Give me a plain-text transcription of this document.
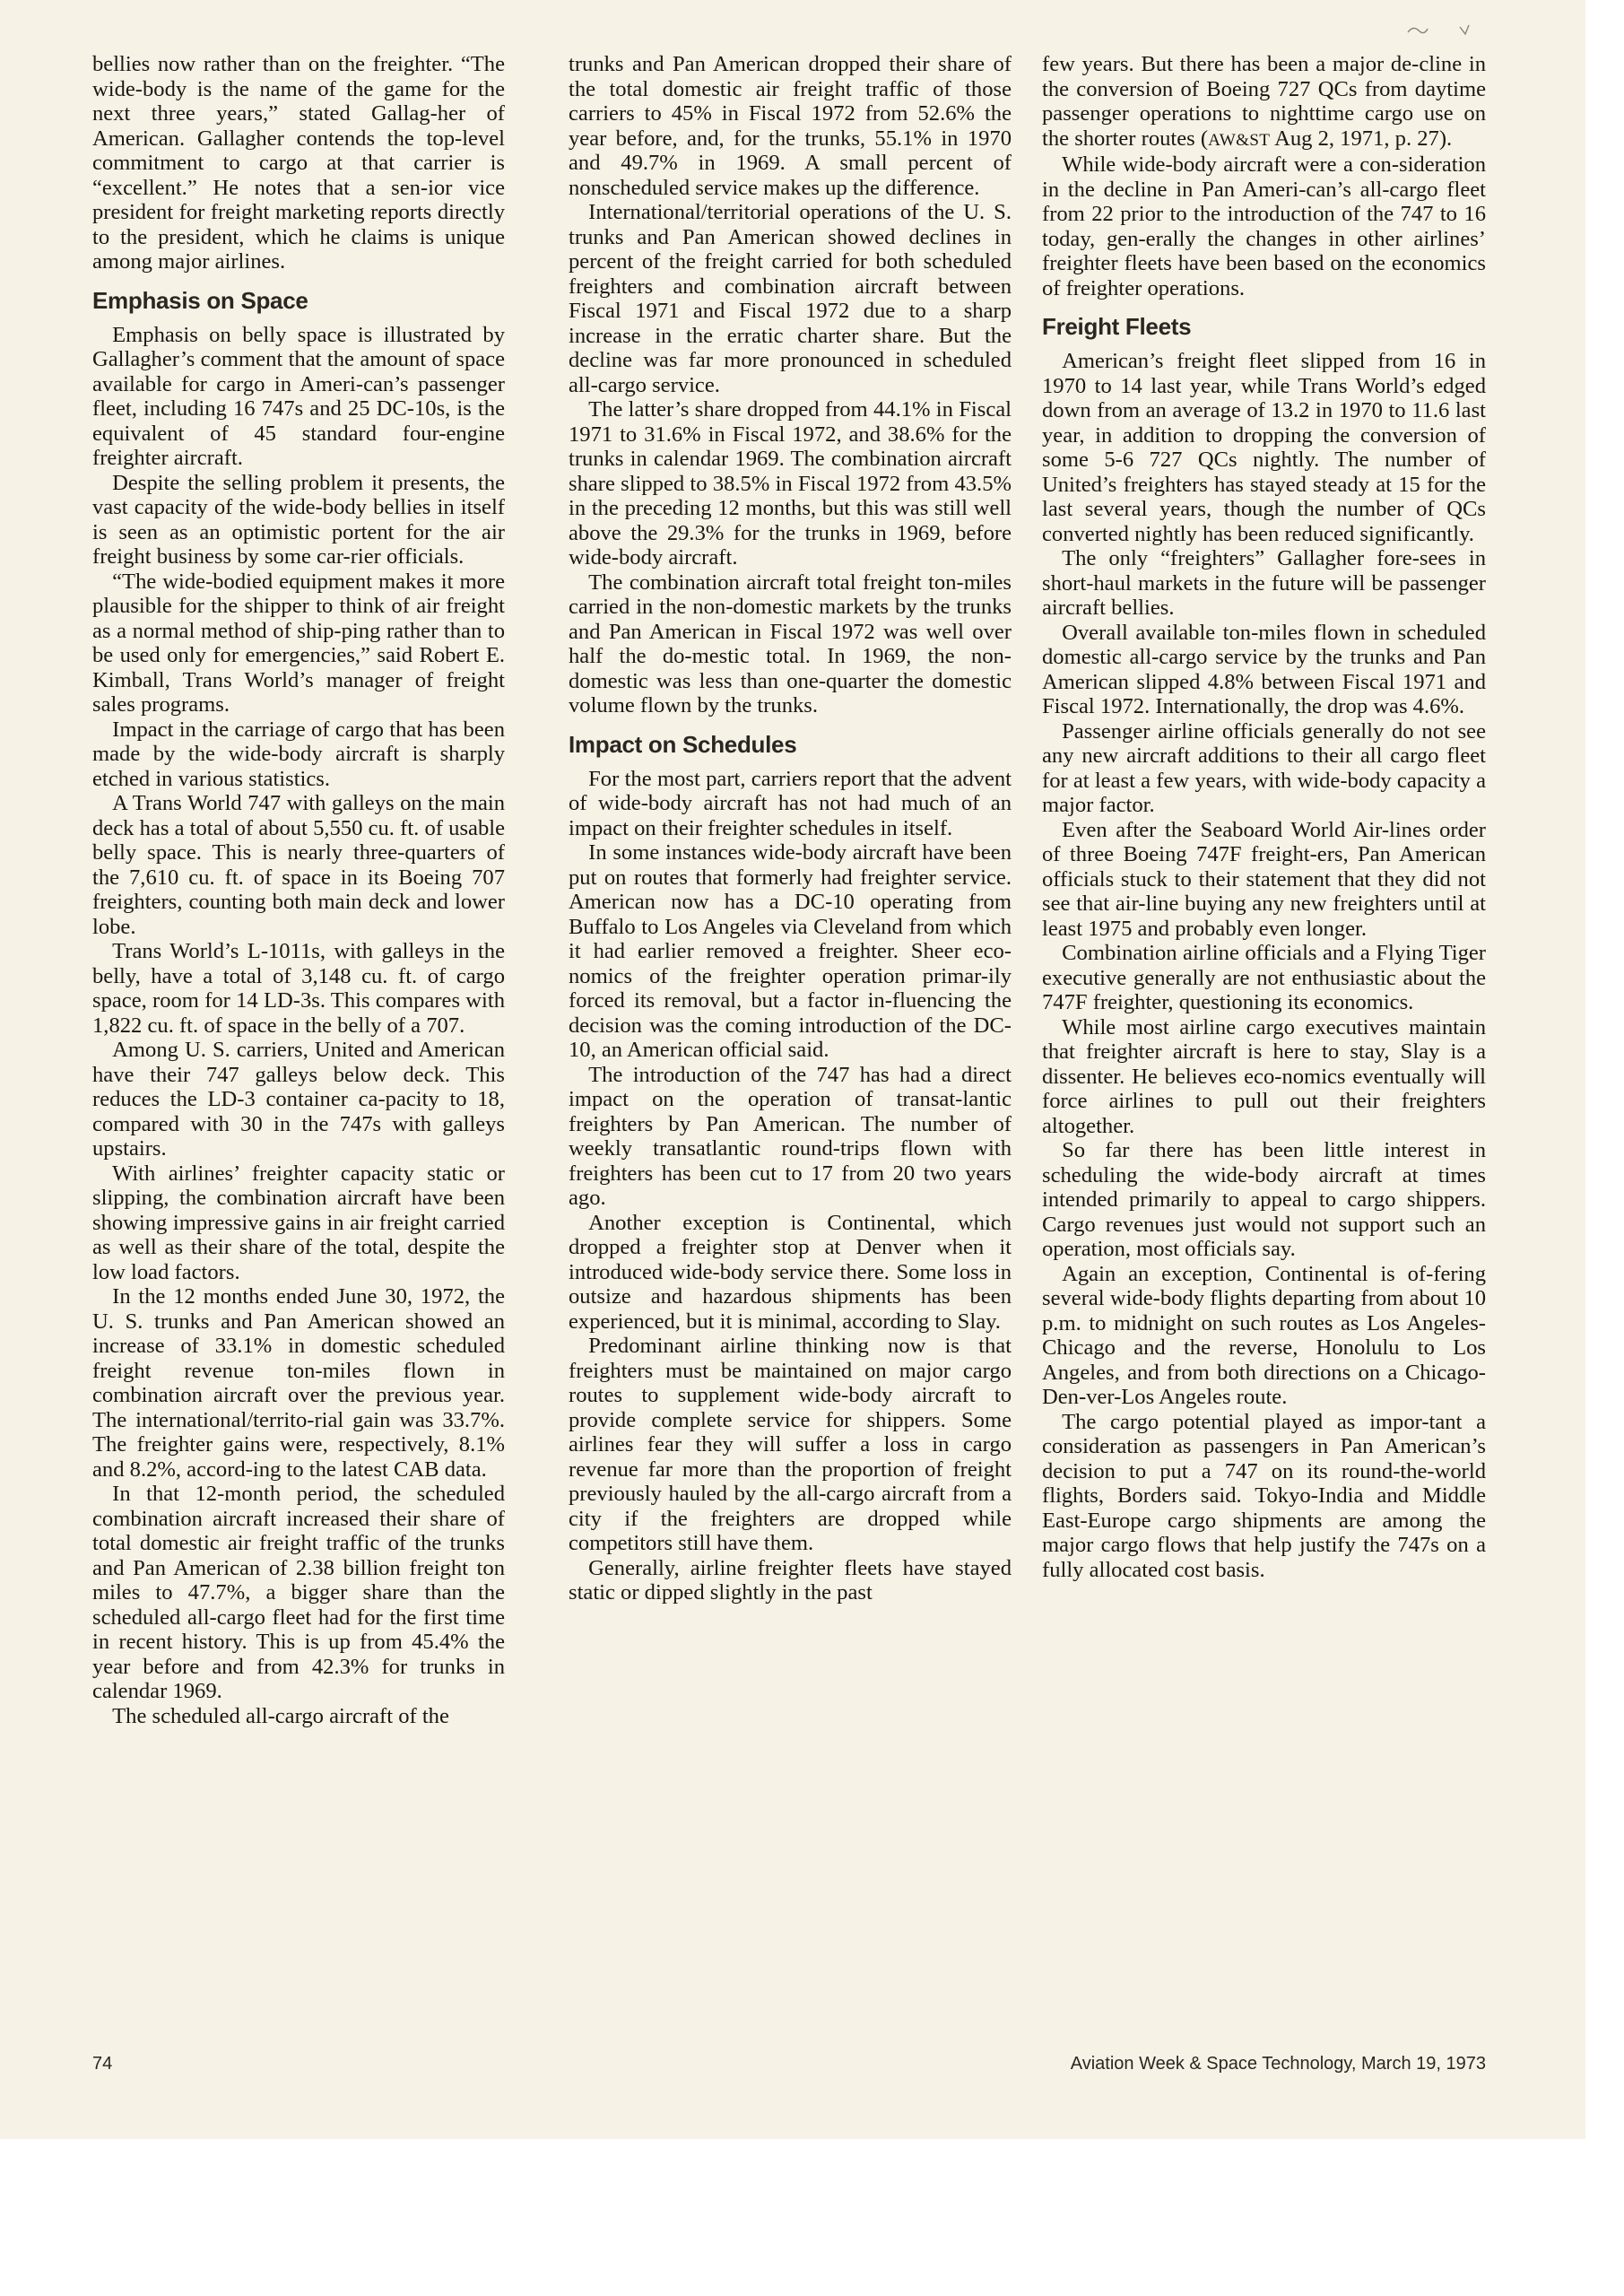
bellies now rather than on the freighter. “The wide-body is the name of the game for the next three years,” stated Gallag-her of American. Gallagher contends the top-level commitment to cargo at that carrier is “excellent.” He notes that a sen-ior vice president for freight marketing reports directly to the president, which he claims is unique among major airlines.

Emphasis on Space

Emphasis on belly space is illustrated by Gallagher’s comment that the amount of space available for cargo in Ameri-can’s passenger fleet, including 16 747s and 25 DC-10s, is the equivalent of 45 standard four-engine freighter aircraft.

Despite the selling problem it presents, the vast capacity of the wide-body bellies in itself is seen as an optimistic portent for the air freight business by some car-rier officials.

“The wide-bodied equipment makes it more plausible for the shipper to think of air freight as a normal method of ship-ping rather than to be used only for emergencies,” said Robert E. Kimball, Trans World’s manager of freight sales programs.

Impact in the carriage of cargo that has been made by the wide-body aircraft is sharply etched in various statistics.

A Trans World 747 with galleys on the main deck has a total of about 5,550 cu. ft. of usable belly space. This is nearly three-quarters of the 7,610 cu. ft. of space in its Boeing 707 freighters, counting both main deck and lower lobe.

Trans World’s L-1011s, with galleys in the belly, have a total of 3,148 cu. ft. of cargo space, room for 14 LD-3s. This compares with 1,822 cu. ft. of space in the belly of a 707.

Among U. S. carriers, United and American have their 747 galleys below deck. This reduces the LD-3 container ca-pacity to 18, compared with 30 in the 747s with galleys upstairs.

With airlines’ freighter capacity static or slipping, the combination aircraft have been showing impressive gains in air freight carried as well as their share of the total, despite the low load factors.

In the 12 months ended June 30, 1972, the U. S. trunks and Pan American showed an increase of 33.1% in domestic scheduled freight revenue ton-miles flown in combination aircraft over the previous year. The international/territo-rial gain was 33.7%. The freighter gains were, respectively, 8.1% and 8.2%, accord-ing to the latest CAB data.

In that 12-month period, the scheduled combination aircraft increased their share of total domestic air freight traffic of the trunks and Pan American of 2.38 billion freight ton miles to 47.7%, a bigger share than the scheduled all-cargo fleet had for the first time in recent history. This is up from 45.4% the year before and from 42.3% for trunks in calendar 1969.

The scheduled all-cargo aircraft of the

trunks and Pan American dropped their share of the total domestic air freight traffic of those carriers to 45% in Fiscal 1972 from 52.6% the year before, and, for the trunks, 55.1% in 1970 and 49.7% in 1969. A small percent of nonscheduled service makes up the difference.

International/territorial operations of the U. S. trunks and Pan American showed declines in percent of the freight carried for both scheduled freighters and combination aircraft between Fiscal 1971 and Fiscal 1972 due to a sharp increase in the erratic charter share. But the decline was far more pronounced in scheduled all-cargo service.

The latter’s share dropped from 44.1% in Fiscal 1971 to 31.6% in Fiscal 1972, and 38.6% for the trunks in calendar 1969. The combination aircraft share slipped to 38.5% in Fiscal 1972 from 43.5% in the preceding 12 months, but this was still well above the 29.3% for the trunks in 1969, before wide-body aircraft.

The combination aircraft total freight ton-miles carried in the non-domestic markets by the trunks and Pan American in Fiscal 1972 was well over half the do-mestic total. In 1969, the non-domestic was less than one-quarter the domestic volume flown by the trunks.

Impact on Schedules

For the most part, carriers report that the advent of wide-body aircraft has not had much of an impact on their freighter schedules in itself.

In some instances wide-body aircraft have been put on routes that formerly had freighter service. American now has a DC-10 operating from Buffalo to Los Angeles via Cleveland from which it had earlier removed a freighter. Sheer eco-nomics of the freighter operation primar-ily forced its removal, but a factor in-fluencing the decision was the coming introduction of the DC-10, an American official said.

The introduction of the 747 has had a direct impact on the operation of transat-lantic freighters by Pan American. The number of weekly transatlantic round-trips flown with freighters has been cut to 17 from 20 two years ago.

Another exception is Continental, which dropped a freighter stop at Denver when it introduced wide-body service there. Some loss in outsize and hazardous shipments has been experienced, but it is minimal, according to Slay.

Predominant airline thinking now is that freighters must be maintained on major cargo routes to supplement wide-body aircraft to provide complete service for shippers. Some airlines fear they will suffer a loss in cargo revenue far more than the proportion of freight previously hauled by the all-cargo aircraft from a city if the freighters are dropped while competitors still have them.

Generally, airline freighter fleets have stayed static or dipped slightly in the past

few years. But there has been a major de-cline in the conversion of Boeing 727 QCs from daytime passenger operations to nighttime cargo use on the shorter routes (AW&ST Aug 2, 1971, p. 27).

While wide-body aircraft were a con-sideration in the decline in Pan Ameri-can’s all-cargo fleet from 22 prior to the introduction of the 747 to 16 today, gen-erally the changes in other airlines’ freighter fleets have been based on the economics of freighter operations.

Freight Fleets

American’s freight fleet slipped from 16 in 1970 to 14 last year, while Trans World’s edged down from an average of 13.2 in 1970 to 11.6 last year, in addition to dropping the conversion of some 5-6 727 QCs nightly. The number of United’s freighters has stayed steady at 15 for the last several years, though the number of QCs converted nightly has been reduced significantly.

The only “freighters” Gallagher fore-sees in short-haul markets in the future will be passenger aircraft bellies.

Overall available ton-miles flown in scheduled domestic all-cargo service by the trunks and Pan American slipped 4.8% between Fiscal 1971 and Fiscal 1972. Internationally, the drop was 4.6%.

Passenger airline officials generally do not see any new aircraft additions to their all cargo fleet for at least a few years, with wide-body capacity a major factor.

Even after the Seaboard World Air-lines order of three Boeing 747F freight-ers, Pan American officials stuck to their statement that they did not see that air-line buying any new freighters until at least 1975 and probably even longer.

Combination airline officials and a Flying Tiger executive generally are not enthusiastic about the 747F freighter, questioning its economics.

While most airline cargo executives maintain that freighter aircraft is here to stay, Slay is a dissenter. He believes eco-nomics eventually will force airlines to pull out their freighters altogether.

So far there has been little interest in scheduling the wide-body aircraft at times intended primarily to appeal to cargo shippers. Cargo revenues just would not support such an operation, most officials say.

Again an exception, Continental is of-fering several wide-body flights departing from about 10 p.m. to midnight on such routes as Los Angeles-Chicago and the reverse, Honolulu to Los Angeles, and from both directions on a Chicago-Den-ver-Los Angeles route.

The cargo potential played as impor-tant a consideration as passengers in Pan American’s decision to put a 747 on its round-the-world flights, Borders said. Tokyo-India and Middle East-Europe cargo shipments are among the major cargo flows that help justify the 747s on a fully allocated cost basis.

74	Aviation Week & Space Technology, March 19, 1973
